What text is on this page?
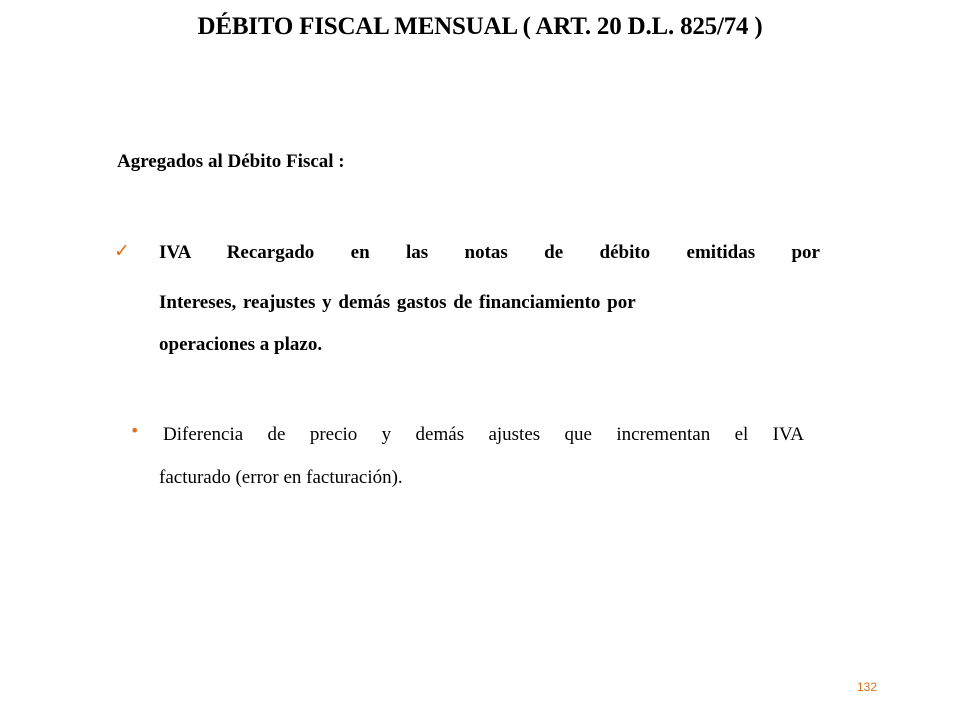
DÉBITO FISCAL MENSUAL ( ART. 20 D.L. 825/74 )
Agregados al Débito Fiscal :
✓ IVA Recargado en las notas de débito emitidas por
Intereses, reajustes y demás gastos de financiamiento por
operaciones a plazo.
• Diferencia de precio y demás ajustes que incrementan el IVA
facturado (error en facturación).
132
